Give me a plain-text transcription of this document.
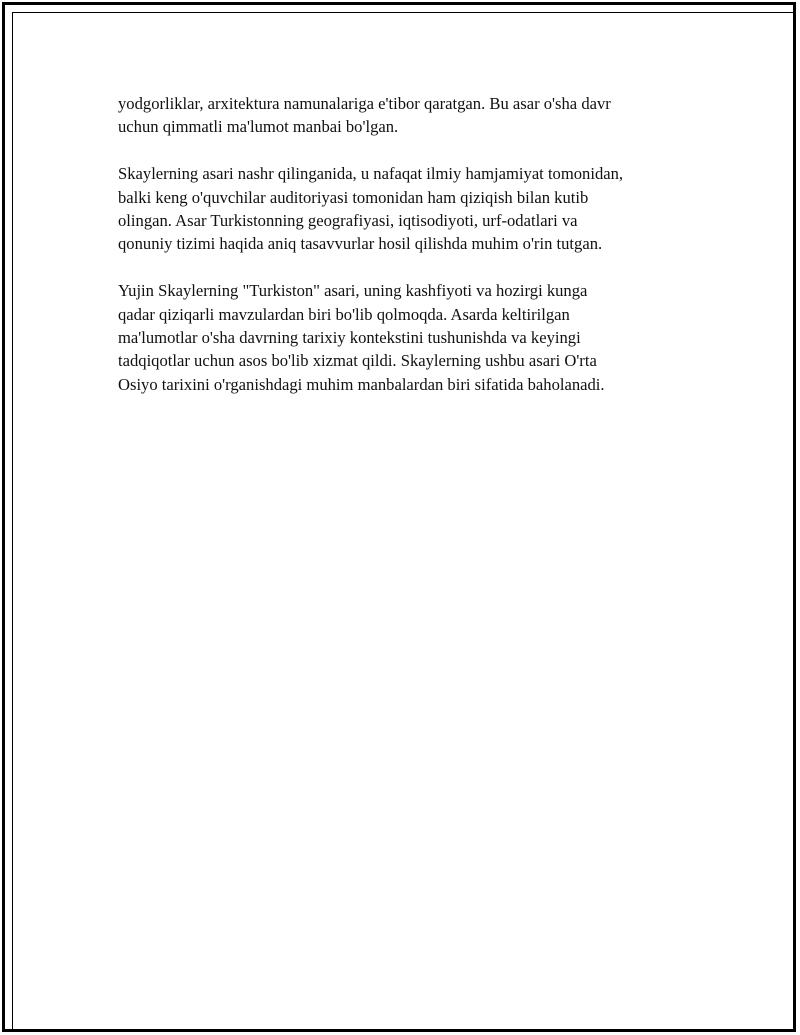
yodgorliklar, arxitektura namunalariga e'tibor qaratgan. Bu asar o'sha davr
uchun qimmatli ma'lumot manbai bo'lgan.

Skaylerning asari nashr qilinganida, u nafaqat ilmiy hamjamiyat tomonidan,
balki keng o'quvchilar auditoriyasi tomonidan ham qiziqish bilan kutib
olingan. Asar Turkistonning geografiyasi, iqtisodiyoti, urf-odatlari va
qonuniy tizimi haqida aniq tasavvurlar hosil qilishda muhim o'rin tutgan.

Yujin Skaylerning "Turkiston" asari, uning kashfiyoti va hozirgi kunga
qadar qiziqarli mavzulardan biri bo'lib qolmoqda. Asarda keltirilgan
ma'lumotlar o'sha davrning tarixiy kontekstini tushunishda va keyingi
tadqiqotlar uchun asos bo'lib xizmat qildi. Skaylerning ushbu asari O'rta
Osiyo tarixini o'rganishdagi muhim manbalardan biri sifatida baholanadi.
